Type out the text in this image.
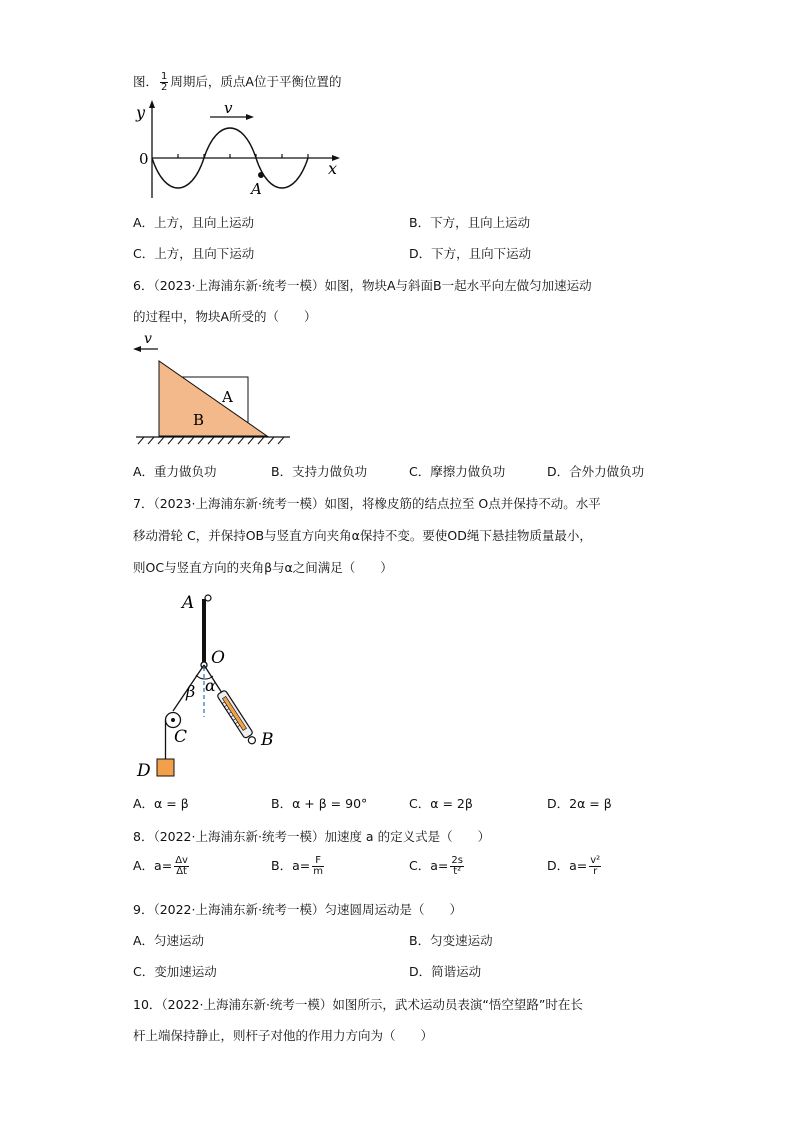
图． $\frac{1}{2}$ 周期后，质点A位于平衡位置的
y
x
0
v
A
A．上方，且向上运动	B．下方，且向上运动
C．上方，且向下运动	D．下方，且向下运动
6．（2023·上海浦东新·统考一模）如图，物块A与斜面B一起水平向左做匀加速运动
的过程中，物块A所受的（　　）
v
A
B
A．重力做负功	B．支持力做负功	C．摩擦力做负功	D．合外力做负功
7．（2023·上海浦东新·统考一模）如图，将橡皮筋的结点拉至 O点并保持不动。水平
移动滑轮 C，并保持OB与竖直方向夹角α保持不变。要使OD绳下悬挂物质量最小，
则OC与竖直方向的夹角β与α之间满足（　　）
A
O
α
β
B
C
D
A．α = β	B．α + β = 90°	C．α = 2β	D．2α = β
8．（2022·上海浦东新·统考一模）加速度 a 的定义式是（　　）
A．$a= \frac{\Delta v}{\Delta t}$	B．$a= \frac{F}{m}$	C．$a= \frac{2s}{\text{t²}}$	D．$a= \frac{\text{v²}}{r}$
9．（2022·上海浦东新·统考一模）匀速圆周运动是（　　）
A．匀速运动	B．匀变速运动
C．变加速运动	D．简谐运动
10．（2022·上海浦东新·统考一模）如图所示，武术运动员表演“悟空望路”时在长
杆上端保持静止，则杆子对他的作用力方向为（　　）
